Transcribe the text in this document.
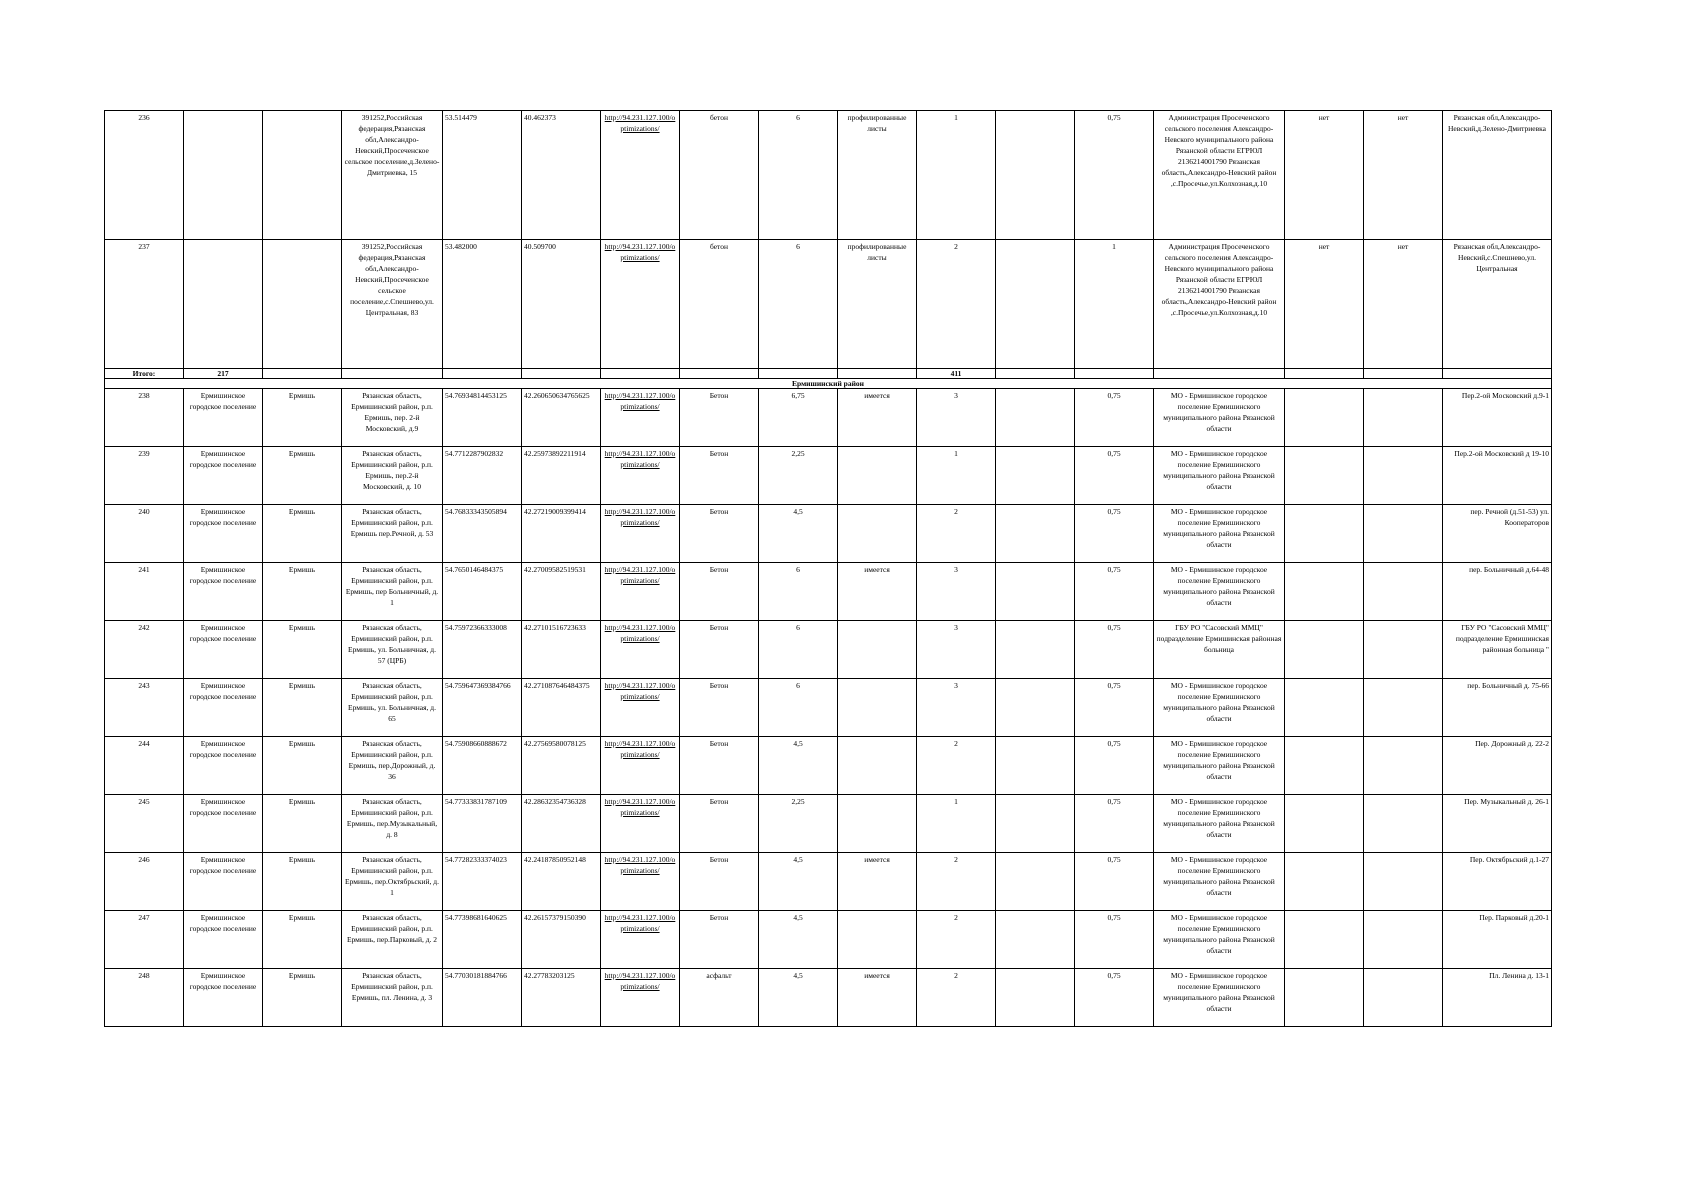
236			391252,Российская федерация,Рязанская обл,Александро-Невский,Просеченское сельское поселение,д.Зелено-Дмитриевка, 15	53.514479	40.462373	http://94.231.127.100/optimizations/	бетон	6	профилированные листы	1		0,75	Администрация Просеченского сельского поселения Александро-Невского муниципального района Рязанской области ЕГРЮЛ 2136214001790 Рязанская область,Александро-Невский район ,с.Просечье,ул.Колхозная,д.10	нет	нет	Рязанская обл,Александро-Невский,д.Зелено-Дмитриевка
237			391252,Российская федерация,Рязанская обл,Александро-Невский,Просеченское сельское поселение,с.Спешнево,ул. Центральная, 83	53.482000	40.509700	http://94.231.127.100/optimizations/	бетон	6	профилированные листы	2		1	Администрация Просеченского сельского поселения Александро-Невского муниципального района Рязанской области ЕГРЮЛ 2136214001790 Рязанская область,Александро-Невский район ,с.Просечье,ул.Колхозная,д.10	нет	нет	Рязанская обл,Александро-Невский,с.Спешнево,ул. Центральная
Итого:	217									411						
Ермишинский район																
238	Ермишинское городское поселение	Ермишь	Рязанская область, Ермишинский район, р.п. Ермишь, пер. 2-й Московский, д.9	54.76934814453125	42.260650634765625	http://94.231.127.100/optimizations/	Бетон	6,75	имеется	3		0,75	МО - Ермишинское городское поселение Ермишинского муниципального района Рязанской области			Пер.2-ой Московский д.9-1
239	Ермишинское городское поселение	Ермишь	Рязанская область, Ермишинский район, р.п. Ермишь, пер.2-й Московский, д. 10	54.7712287902832	42.25973892211914	http://94.231.127.100/optimizations/	Бетон	2,25		1		0,75	МО - Ермишинское городское поселение Ермишинского муниципального района Рязанской области			Пер.2-ой Московский д 19-10
240	Ермишинское городское поселение	Ермишь	Рязанская область, Ермишинский район, р.п. Ермишь пер.Речной, д. 53	54.76833343505894	42.27219009399414	http://94.231.127.100/optimizations/	Бетон	4,5		2		0,75	МО - Ермишинское городское поселение Ермишинского муниципального района Рязанской области			пер. Речной (д.51-53) ул. Кооператоров
241	Ермишинское городское поселение	Ермишь	Рязанская область, Ермишинский район, р.п. Ермишь, пер Больничный, д. 1	54.7650146484375	42.27009582519531	http://94.231.127.100/optimizations/	Бетон	6	имеется	3		0,75	МО - Ермишинское городское поселение Ермишинского муниципального района Рязанской области			пер. Больничный д.64-48
242	Ермишинское городское поселение	Ермишь	Рязанская область, Ермишинский район, р.п. Ермишь, ул. Больничная, д. 57 (ЦРБ)	54.75972366333008	42.27101516723633	http://94.231.127.100/optimizations/	Бетон	6		3		0,75	ГБУ РО "Сасовский ММЦ" подразделение Ермишинская районная больница			ГБУ РО "Сасовский ММЦ" подразделение Ермишинская районная больница "
243	Ермишинское городское поселение	Ермишь	Рязанская область, Ермишинский район, р.п. Ермишь, ул. Больничная, д. 65	54.759647369384766	42.271087646484375	http://94.231.127.100/optimizations/	Бетон	6		3		0,75	МО - Ермишинское городское поселение Ермишинского муниципального района Рязанской области			пер. Больничный д. 75-66
244	Ермишинское городское поселение	Ермишь	Рязанская область, Ермишинский район, р.п. Ермишь, пер.Дорожный, д. 36	54.75908660888672	42.27569580078125	http://94.231.127.100/optimizations/	Бетон	4,5		2		0,75	МО - Ермишинское городское поселение Ермишинского муниципального района Рязанской области			Пер. Дорожный д. 22-2
245	Ермишинское городское поселение	Ермишь	Рязанская область, Ермишинский район, р.п. Ермишь, пер.Музыкальный, д. 8	54.77333831787109	42.28632354736328	http://94.231.127.100/optimizations/	Бетон	2,25		1		0,75	МО - Ермишинское городское поселение Ермишинского муниципального района Рязанской области			Пер. Музыкальный д. 26-1
246	Ермишинское городское поселение	Ермишь	Рязанская область, Ермишинский район, р.п. Ермишь, пер.Октябрьский, д. 1	54.77282333374023	42.24187850952148	http://94.231.127.100/optimizations/	Бетон	4,5	имеется	2		0,75	МО - Ермишинское городское поселение Ермишинского муниципального района Рязанской области			Пер. Октябрьский д.1-27
247	Ермишинское городское поселение	Ермишь	Рязанская область, Ермишинский район, р.п. Ермишь, пер.Парковый, д. 2	54.77398681640625	42.26157379150390	http://94.231.127.100/optimizations/	Бетон	4,5		2		0,75	МО - Ермишинское городское поселение Ермишинского муниципального района Рязанской области			Пер. Парковый д.20-1
248	Ермишинское городское поселение	Ермишь	Рязанская область, Ермишинский район, р.п. Ермишь, пл. Ленина, д. 3	54.77030181884766	42.27783203125	http://94.231.127.100/optimizations/	асфальт	4,5	имеется	2		0,75	МО - Ермишинское городское поселение Ермишинского муниципального района Рязанской области			Пл. Ленина д. 13-1
